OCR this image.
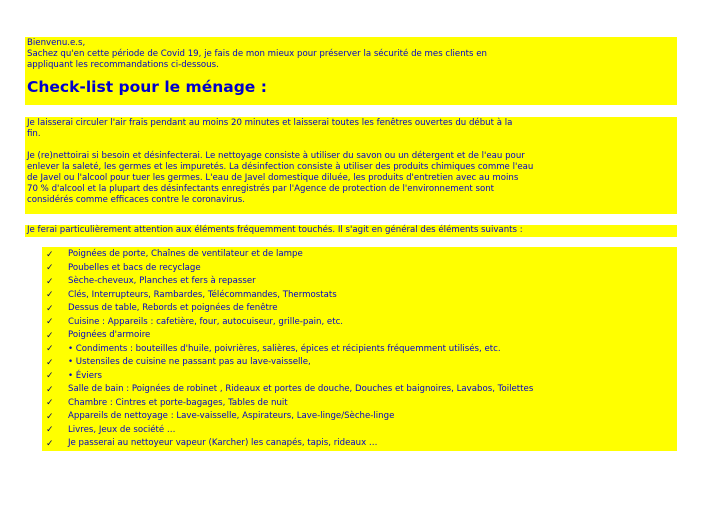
Bienvenu.e.s,

Sachez qu'en cette période de Covid 19, je fais de mon mieux pour préserver la sécurité de mes clients en
appliquant les recommandations ci-dessous.

Check-list pour le ménage :

Je laisserai circuler l'air frais pendant au moins 20 minutes et laisserai toutes les fenêtres ouvertes du début à la
fin.

Je (re)nettoirai si besoin et désinfecterai. Le nettoyage consiste à utiliser du savon ou un détergent et de l'eau pour
enlever la saleté, les germes et les impuretés. La désinfection consiste à utiliser des produits chimiques comme l'eau
de Javel ou l'alcool pour tuer les germes. L'eau de Javel domestique diluée, les produits d'entretien avec au moins
70 % d'alcool et la plupart des désinfectants enregistrés par l'Agence de protection de l'environnement sont
considérés comme efficaces contre le coronavirus.

Je ferai particulièrement attention aux éléments fréquemment touchés. Il s'agit en général des éléments suivants :

✓	Poignées de porte, Chaînes de ventilateur et de lampe
✓	Poubelles et bacs de recyclage
✓	Sèche-cheveux, Planches et fers à repasser
✓	Clés, Interrupteurs, Rambardes, Télécommandes, Thermostats
✓	Dessus de table, Rebords et poignées de fenêtre
✓	Cuisine : Appareils : cafetière, four, autocuiseur, grille-pain, etc.
✓	Poignées d'armoire
✓	• Condiments : bouteilles d'huile, poivrières, salières, épices et récipients fréquemment utilisés, etc.
✓	• Ustensiles de cuisine ne passant pas au lave-vaisselle,
✓	• Éviers
✓	Salle de bain : Poignées de robinet , Rideaux et portes de douche, Douches et baignoires, Lavabos, Toilettes
✓	Chambre : Cintres et porte-bagages, Tables de nuit
✓	Appareils de nettoyage : Lave-vaisselle, Aspirateurs, Lave-linge/Sèche-linge
✓	Livres, Jeux de société …
✓	Je passerai au nettoyeur vapeur (Karcher) les canapés, tapis, rideaux …
